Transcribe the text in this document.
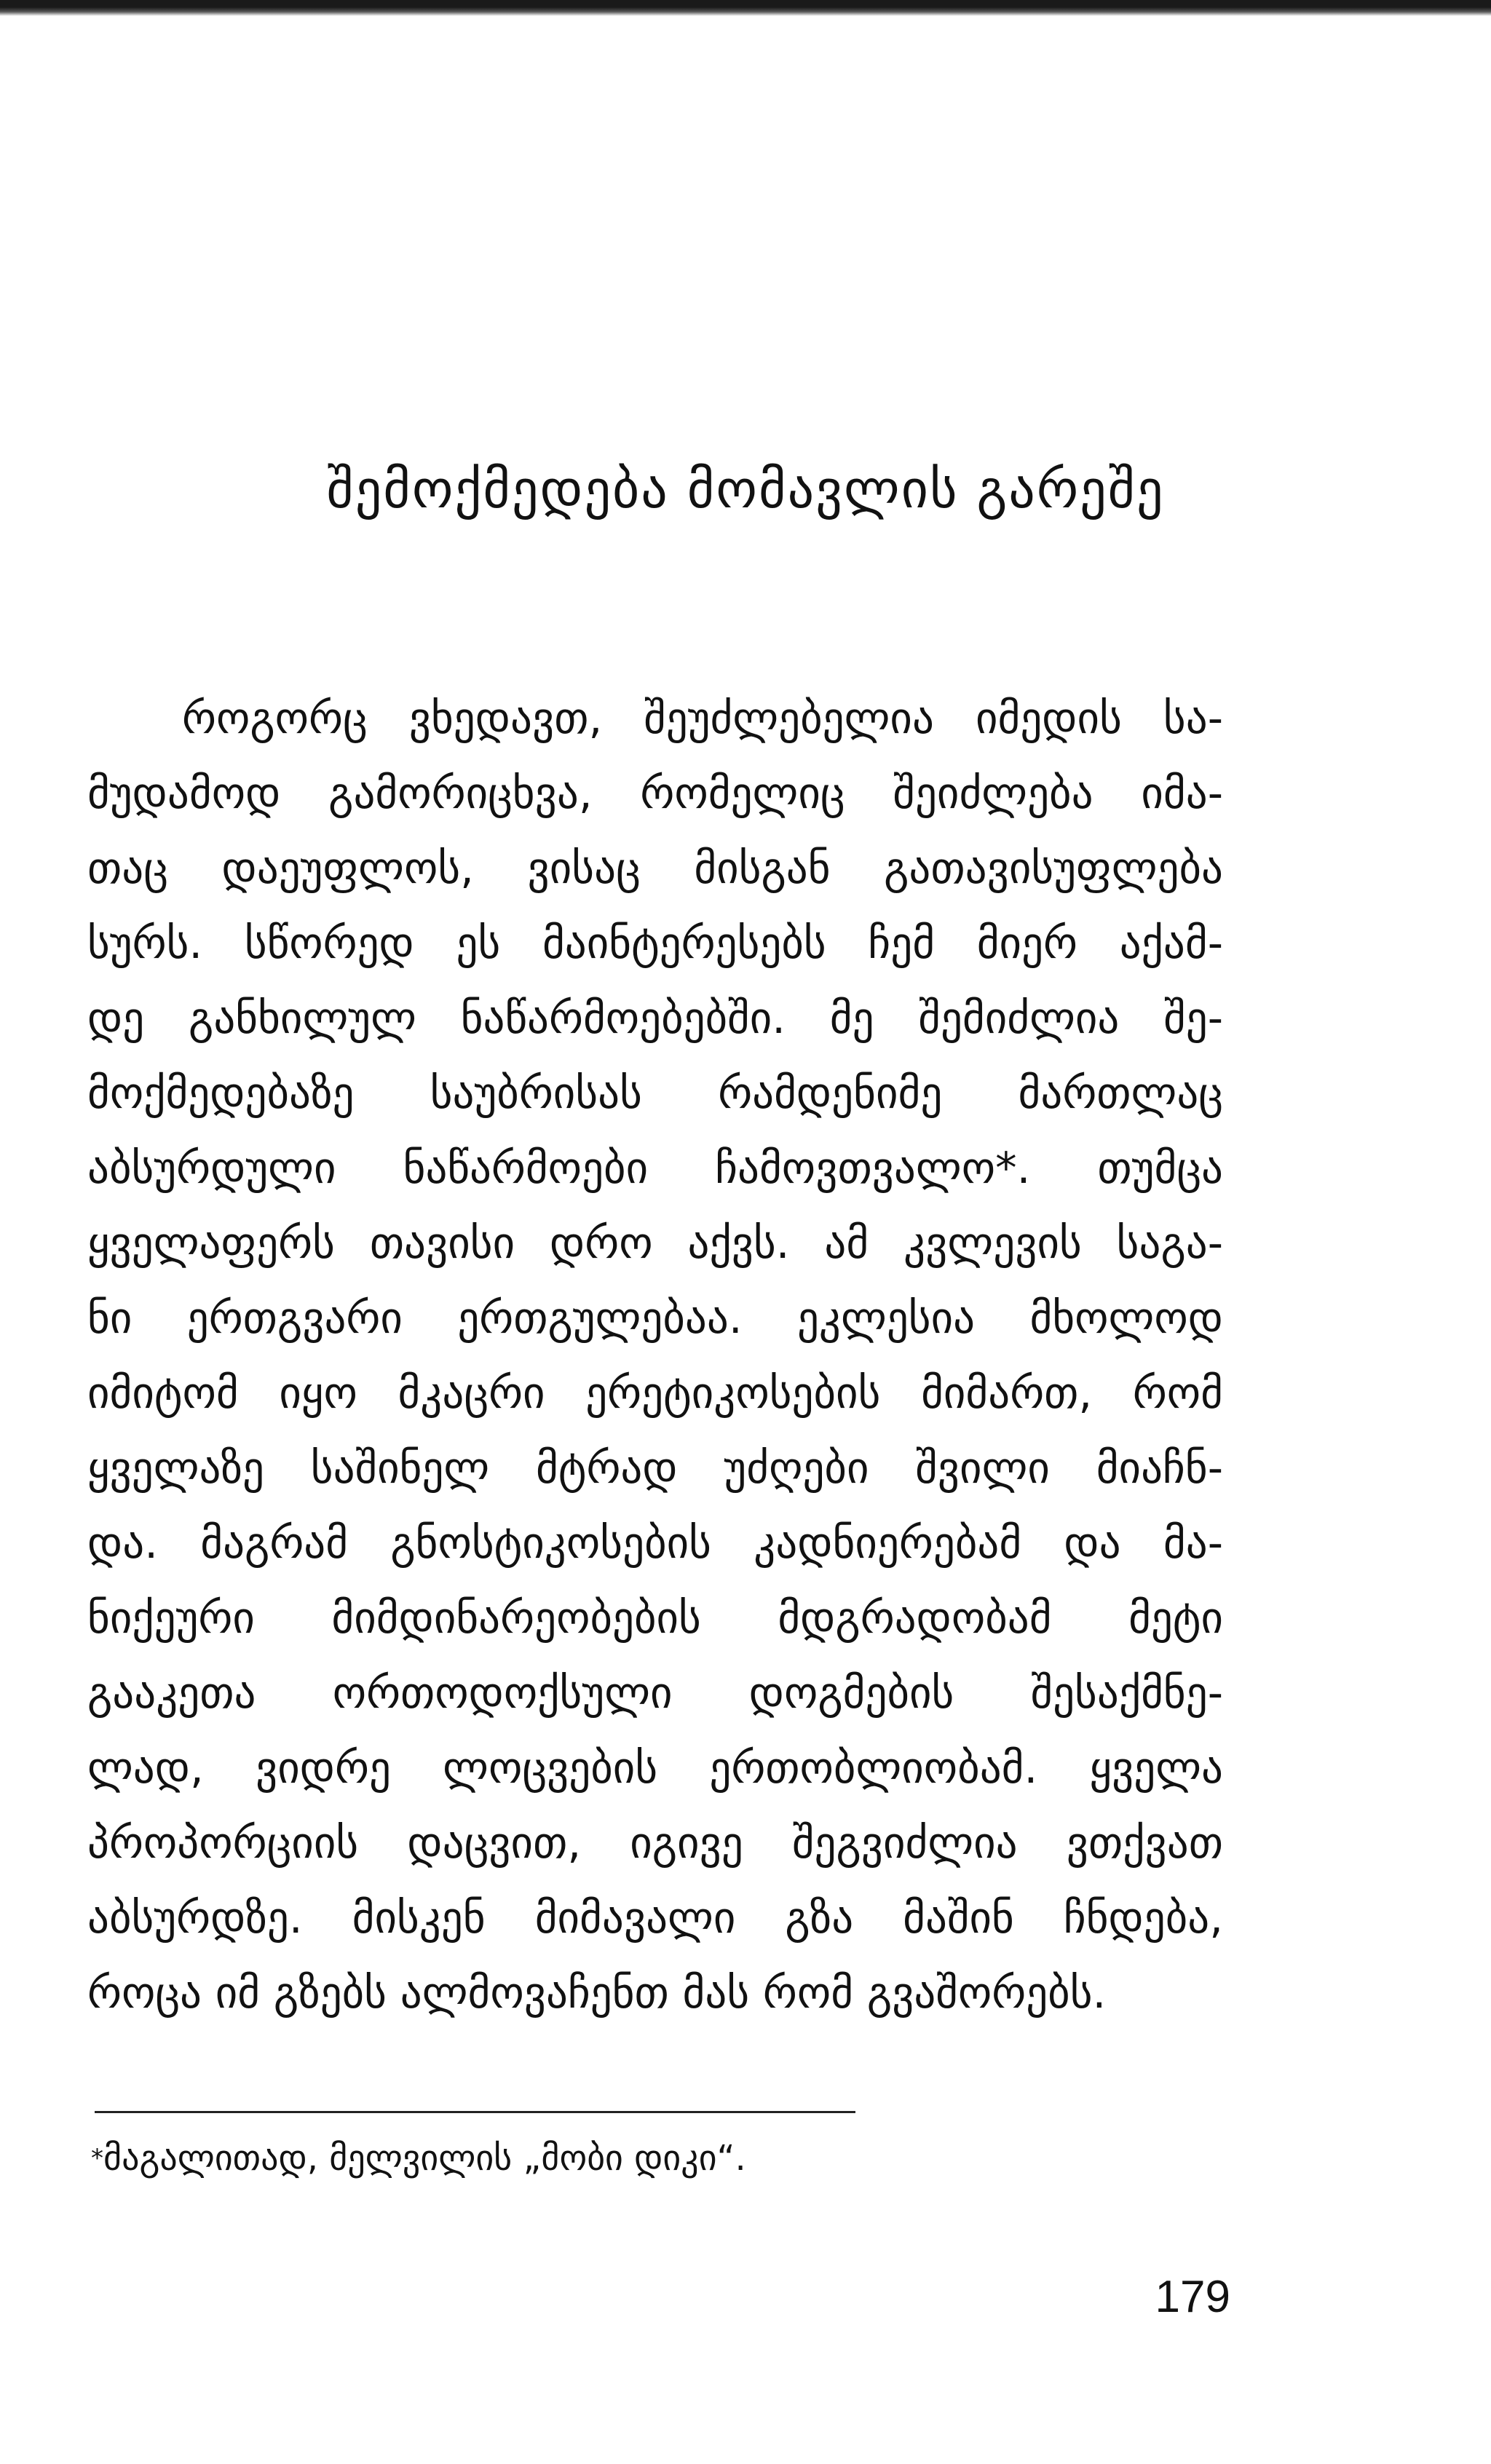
შემოქმედება მომავლის გარეშე
როგორც ვხედავთ, შეუძლებელია იმედის სა-
მუდამოდ გამორიცხვა, რომელიც შეიძლება იმა-
თაც დაეუფლოს, ვისაც მისგან გათავისუფლება
სურს. სწორედ ეს მაინტერესებს ჩემ მიერ აქამ-
დე განხილულ ნაწარმოებებში. მე შემიძლია შე-
მოქმედებაზე საუბრისას რამდენიმე მართლაც
აბსურდული ნაწარმოები ჩამოვთვალო*. თუმცა
ყველაფერს თავისი დრო აქვს. ამ კვლევის საგა-
ნი ერთგვარი ერთგულებაა. ეკლესია მხოლოდ
იმიტომ იყო მკაცრი ერეტიკოსების მიმართ, რომ
ყველაზე საშინელ მტრად უძღები შვილი მიაჩნ-
და. მაგრამ გნოსტიკოსების კადნიერებამ და მა-
ნიქეური მიმდინარეობების მდგრადობამ მეტი
გააკეთა ორთოდოქსული დოგმების შესაქმნე-
ლად, ვიდრე ლოცვების ერთობლიობამ. ყველა
პროპორციის დაცვით, იგივე შეგვიძლია ვთქვათ
აბსურდზე. მისკენ მიმავალი გზა მაშინ ჩნდება,
როცა იმ გზებს ალმოვაჩენთ მას რომ გვაშორებს.
*მაგალითად, მელვილის „მობი დიკი“.
179
